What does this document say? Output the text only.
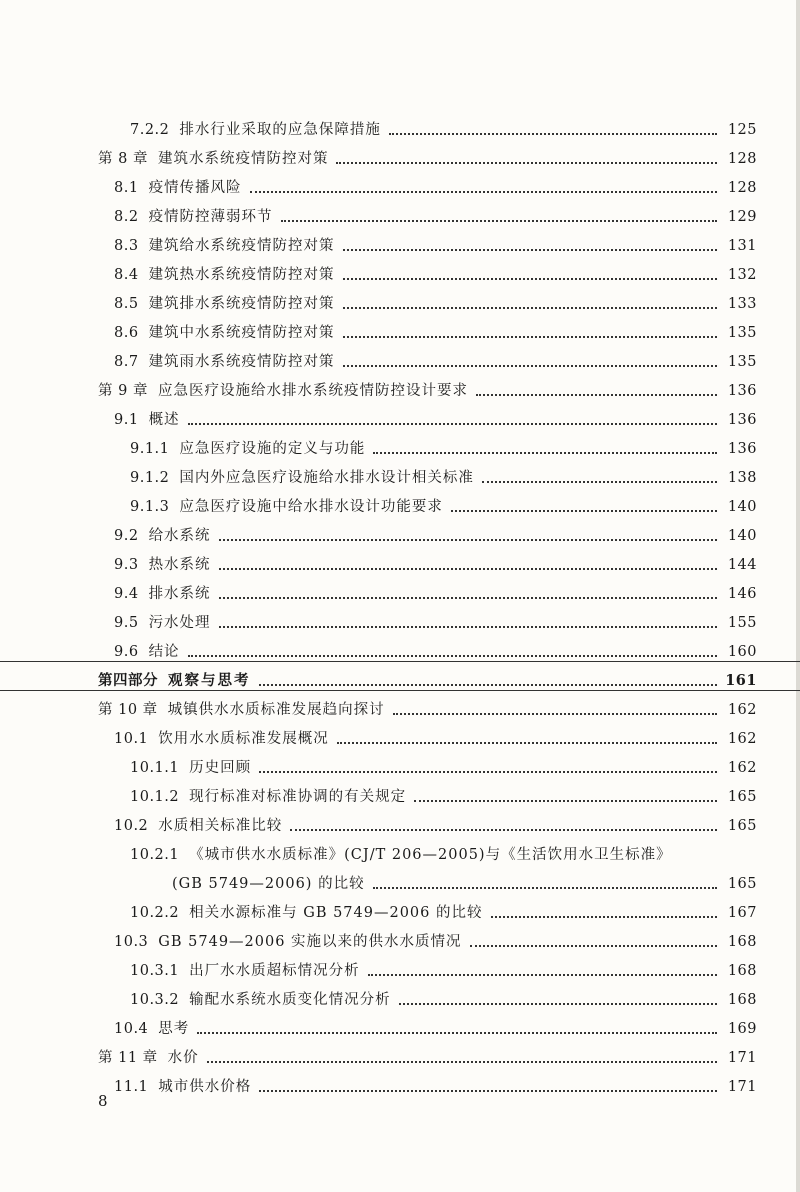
7.2.2 排水行业采取的应急保障措施	125
第 8 章 建筑水系统疫情防控对策	128
8.1 疫情传播风险	128
8.2 疫情防控薄弱环节	129
8.3 建筑给水系统疫情防控对策	131
8.4 建筑热水系统疫情防控对策	132
8.5 建筑排水系统疫情防控对策	133
8.6 建筑中水系统疫情防控对策	135
8.7 建筑雨水系统疫情防控对策	135
第 9 章 应急医疗设施给水排水系统疫情防控设计要求	136
9.1 概述	136
9.1.1 应急医疗设施的定义与功能	136
9.1.2 国内外应急医疗设施给水排水设计相关标准	138
9.1.3 应急医疗设施中给水排水设计功能要求	140
9.2 给水系统	140
9.3 热水系统	144
9.4 排水系统	146
9.5 污水处理	155
9.6 结论	160
第四部分 观察与思考	161
第 10 章 城镇供水水质标准发展趋向探讨	162
10.1 饮用水水质标准发展概况	162
10.1.1 历史回顾	162
10.1.2 现行标准对标准协调的有关规定	165
10.2 水质相关标准比较	165
10.2.1 《城市供水水质标准》(CJ/T 206—2005)与《生活饮用水卫生标准》
(GB 5749—2006) 的比较	165
10.2.2 相关水源标准与 GB 5749—2006 的比较	167
10.3 GB 5749—2006 实施以来的供水水质情况	168
10.3.1 出厂水水质超标情况分析	168
10.3.2 输配水系统水质变化情况分析	168
10.4 思考	169
第 11 章 水价	171
11.1 城市供水价格	171
8
